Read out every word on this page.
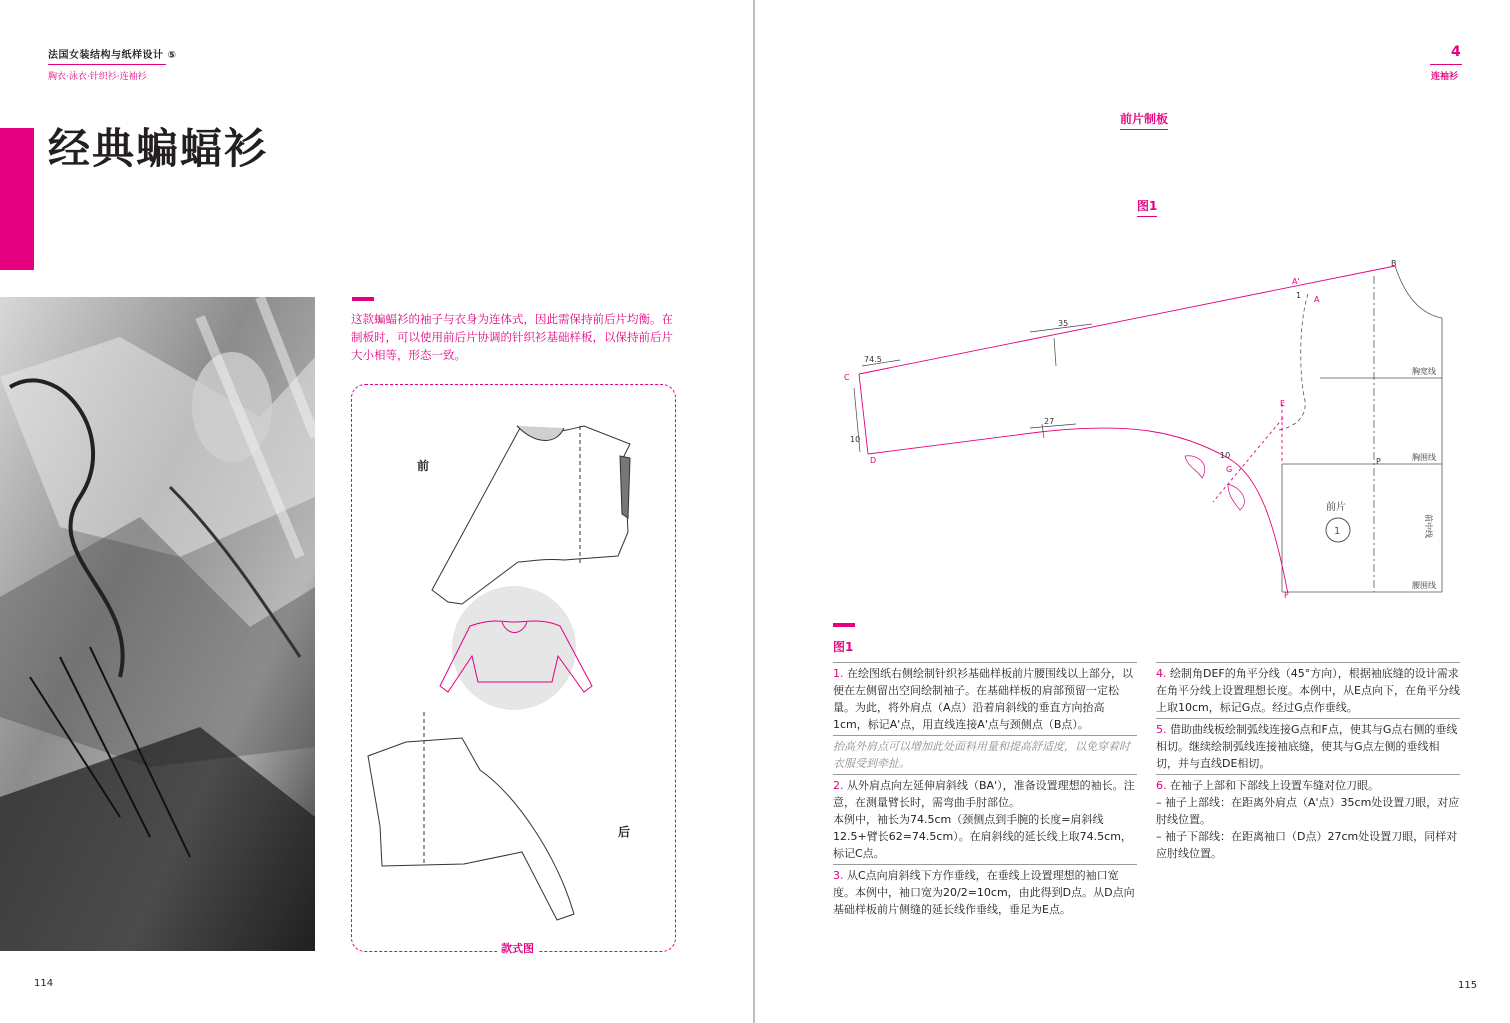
法国女装结构与纸样设计 ⑤
胸衣·泳衣·针织衫·连袖衫
经典蝙蝠衫
这款蝙蝠衫的袖子与衣身为连体式，因此需保持前后片均衡。在制板时，可以使用前后片协调的针织衫基础样板，以保持前后片大小相等，形态一致。
前
后
款式图
114
4
连袖衫
前片制板
图1
A'
A
1
B
C
D
E
F
G
P
35
74.5
27
10
10
胸宽线
胸围线
腰围线
前中线
前片
1
图1

1. 在绘图纸右侧绘制针织衫基础样板前片腰围线以上部分，以便在左侧留出空间绘制袖子。在基础样板的肩部预留一定松量。为此，将外肩点（A点）沿着肩斜线的垂直方向抬高1cm，标记A'点，用直线连接A'点与颈侧点（B点）。

抬高外肩点可以增加此处面料用量和提高舒适度，以免穿着时衣服受到牵扯。

2. 从外肩点向左延伸肩斜线（BA'），准备设置理想的袖长。注意，在测量臂长时，需弯曲手肘部位。

本例中，袖长为74.5cm（颈侧点到手腕的长度=肩斜线12.5+臂长62=74.5cm）。在肩斜线的延长线上取74.5cm，标记C点。

3. 从C点向肩斜线下方作垂线，在垂线上设置理想的袖口宽度。本例中，袖口宽为20/2=10cm，由此得到D点。从D点向基础样板前片侧缝的延长线作垂线，垂足为E点。

4. 绘制角DEF的角平分线（45°方向），根据袖底缝的设计需求在角平分线上设置理想长度。本例中，从E点向下，在角平分线上取10cm，标记G点。经过G点作垂线。

5. 借助曲线板绘制弧线连接G点和F点，使其与G点右侧的垂线相切。继续绘制弧线连接袖底缝，使其与G点左侧的垂线相切，并与直线DE相切。

6. 在袖子上部和下部线上设置车缝对位刀眼。

– 袖子上部线：在距离外肩点（A'点）35cm处设置刀眼，对应肘线位置。

– 袖子下部线：在距离袖口（D点）27cm处设置刀眼，同样对应肘线位置。

115
